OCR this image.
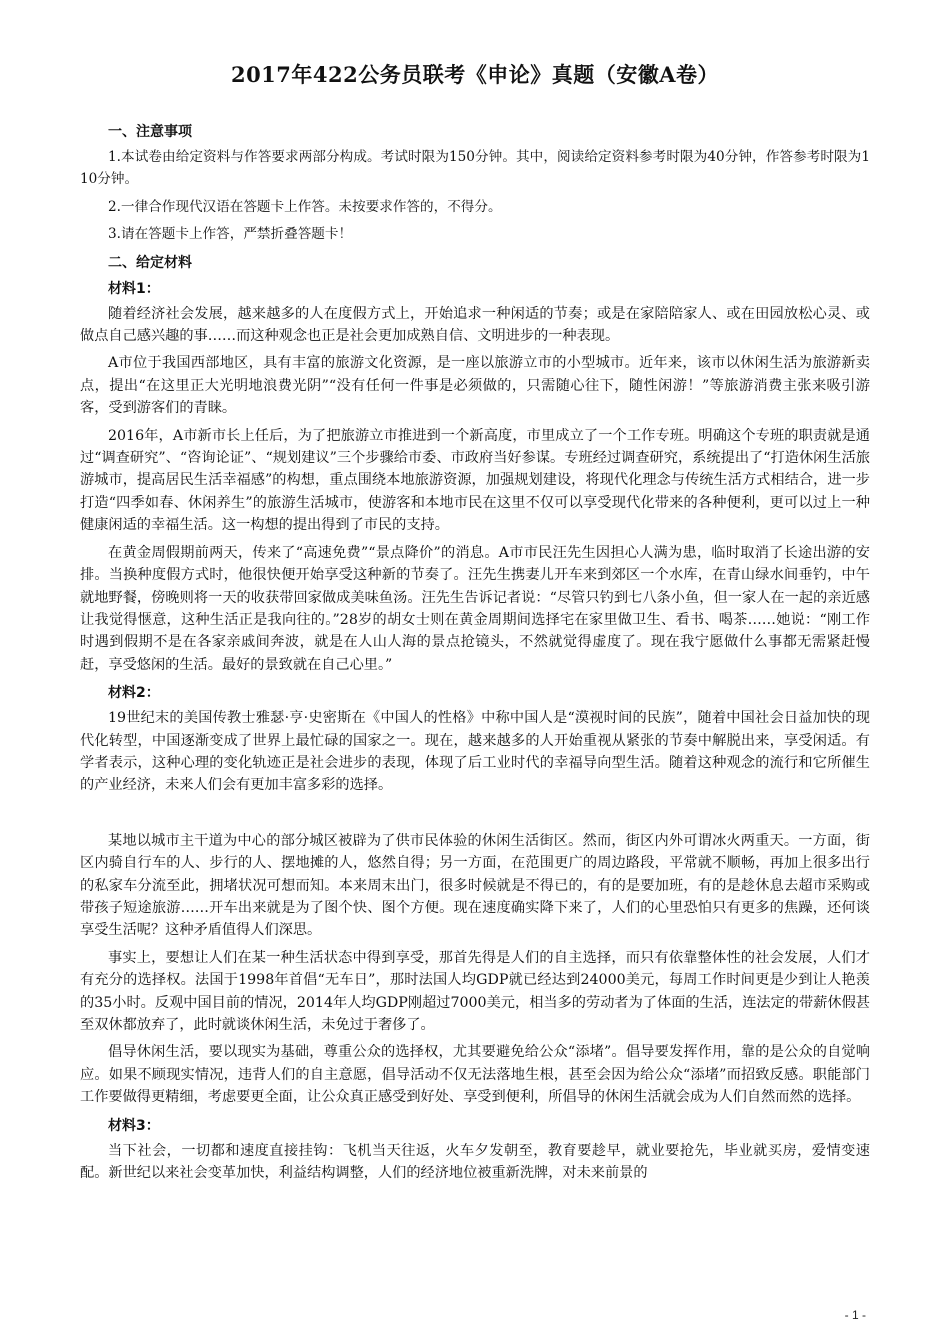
2017年422公务员联考《申论》真题（安徽A卷）
一、注意事项

1.本试卷由给定资料与作答要求两部分构成。考试时限为150分钟。其中，阅读给定资料参考时限为40分钟，作答参考时限为110分钟。

2.一律合作现代汉语在答题卡上作答。未按要求作答的，不得分。

3.请在答题卡上作答，严禁折叠答题卡！

二、给定材料
材料1：

随着经济社会发展，越来越多的人在度假方式上，开始追求一种闲适的节奏；或是在家陪陪家人、或在田园放松心灵、或做点自己感兴趣的事……而这种观念也正是社会更加成熟自信、文明进步的一种表现。

A市位于我国西部地区，具有丰富的旅游文化资源，是一座以旅游立市的小型城市。近年来，该市以休闲生活为旅游新卖点，提出“在这里正大光明地浪费光阴”“没有任何一件事是必须做的，只需随心往下，随性闲游！”等旅游消费主张来吸引游客，受到游客们的青睐。

2016年，A市新市长上任后，为了把旅游立市推进到一个新高度，市里成立了一个工作专班。明确这个专班的职责就是通过“调查研究”、“咨询论证”、“规划建议”三个步骤给市委、市政府当好参谋。专班经过调查研究，系统提出了“打造休闲生活旅游城市，提高居民生活幸福感”的构想，重点围绕本地旅游资源，加强规划建设，将现代化理念与传统生活方式相结合，进一步打造“四季如春、休闲养生”的旅游生活城市，使游客和本地市民在这里不仅可以享受现代化带来的各种便利，更可以过上一种健康闲适的幸福生活。这一构想的提出得到了市民的支持。

在黄金周假期前两天，传来了“高速免费”“景点降价”的消息。A市市民汪先生因担心人满为患，临时取消了长途出游的安排。当换种度假方式时，他很快便开始享受这种新的节奏了。汪先生携妻儿开车来到郊区一个水库，在青山绿水间垂钓，中午就地野餐，傍晚则将一天的收获带回家做成美味鱼汤。汪先生告诉记者说：“尽管只钓到七八条小鱼，但一家人在一起的亲近感让我觉得惬意，这种生活正是我向往的。”28岁的胡女士则在黄金周期间选择宅在家里做卫生、看书、喝茶……她说：“刚工作时遇到假期不是在各家亲戚间奔波，就是在人山人海的景点抢镜头，不然就觉得虚度了。现在我宁愿做什么事都无需紧赶慢赶，享受悠闲的生活。最好的景致就在自己心里。”

材料2：

19世纪末的美国传教士雅瑟·亨·史密斯在《中国人的性格》中称中国人是“漠视时间的民族”，随着中国社会日益加快的现代化转型，中国逐渐变成了世界上最忙碌的国家之一。现在，越来越多的人开始重视从紧张的节奏中解脱出来，享受闲适。有学者表示，这种心理的变化轨迹正是社会进步的表现，体现了后工业时代的幸福导向型生活。随着这种观念的流行和它所催生的产业经济，未来人们会有更加丰富多彩的选择。

某地以城市主干道为中心的部分城区被辟为了供市民体验的休闲生活街区。然而，街区内外可谓冰火两重天。一方面，街区内骑自行车的人、步行的人、摆地摊的人，悠然自得；另一方面，在范围更广的周边路段，平常就不顺畅，再加上很多出行的私家车分流至此，拥堵状况可想而知。本来周末出门，很多时候就是不得已的，有的是要加班，有的是趁休息去超市采购或带孩子短途旅游……开车出来就是为了图个快、图个方便。现在速度确实降下来了，人们的心里恐怕只有更多的焦躁，还何谈享受生活呢？这种矛盾值得人们深思。

事实上，要想让人们在某一种生活状态中得到享受，那首先得是人们的自主选择，而只有依靠整体性的社会发展，人们才有充分的选择权。法国于1998年首倡“无车日”，那时法国人均GDP就已经达到24000美元，每周工作时间更是少到让人艳羡的35小时。反观中国目前的情况，2014年人均GDP刚超过7000美元，相当多的劳动者为了体面的生活，连法定的带薪休假甚至双休都放弃了，此时就谈休闲生活，未免过于奢侈了。

倡导休闲生活，要以现实为基础，尊重公众的选择权，尤其要避免给公众“添堵”。倡导要发挥作用，靠的是公众的自觉响应。如果不顾现实情况，违背人们的自主意愿，倡导活动不仅无法落地生根，甚至会因为给公众“添堵”而招致反感。职能部门工作要做得更精细，考虑要更全面，让公众真正感受到好处、享受到便利，所倡导的休闲生活就会成为人们自然而然的选择。

材料3：

当下社会，一切都和速度直接挂钩：飞机当天往返，火车夕发朝至，教育要趁早，就业要抢先，毕业就买房，爱情变速配。新世纪以来社会变革加快，利益结构调整，人们的经济地位被重新洗牌，对未来前景的

- 1 -
